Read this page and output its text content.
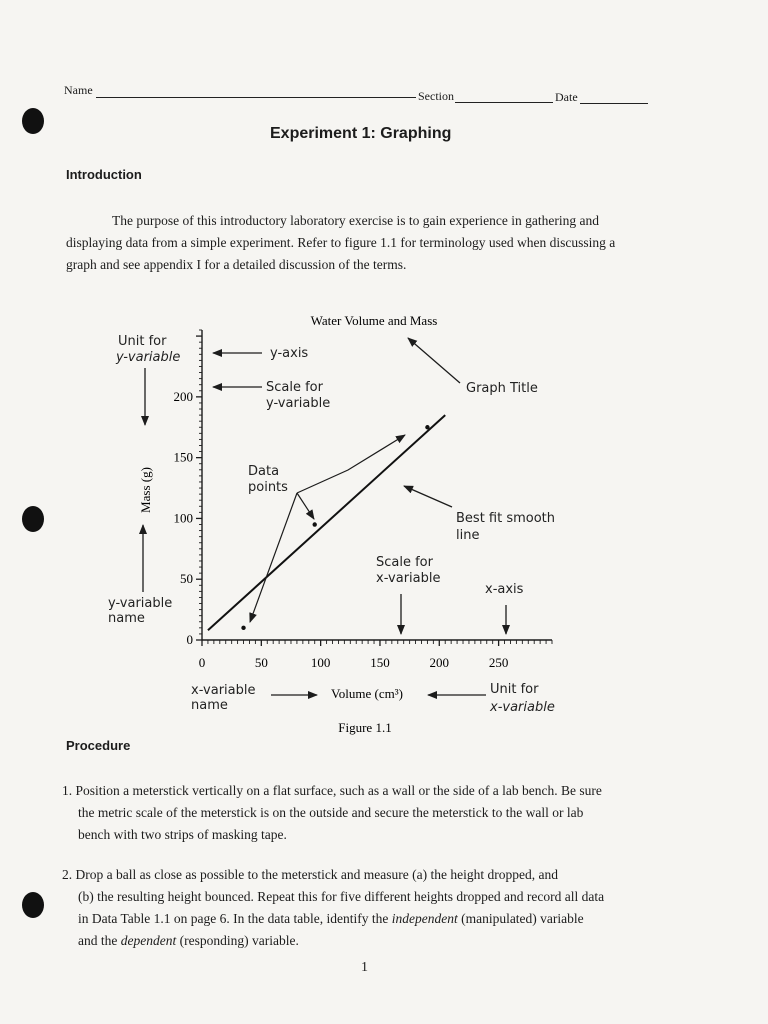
Name	Section	Date
Experiment 1: Graphing
Introduction
The purpose of this introductory laboratory exercise is to gain experience in gathering and
displaying data from a simple experiment. Refer to figure 1.1 for terminology used when discussing a
graph and see appendix I for a detailed discussion of the terms.
Water Volume and Mass
0
50
100
150
200
0	50	100	150	200	250
Mass (g)
Volume (cm³)
Unit for
y-variable	y-axis
Scale for
y-variable
Graph Title
Data
points
Best fit smooth
line
Scale for
x-variable
x-axis
y-variable
name
x-variable
name
Unit for
x-variable
Figure 1.1
Procedure
1. Position a meterstick vertically on a flat surface, such as a wall or the side of a lab bench. Be sure
the metric scale of the meterstick is on the outside and secure the meterstick to the wall or lab
bench with two strips of masking tape.
2. Drop a ball as close as possible to the meterstick and measure (a) the height dropped, and
(b) the resulting height bounced. Repeat this for five different heights dropped and record all data
in Data Table 1.1 on page 6. In the data table, identify the independent (manipulated) variable
and the dependent (responding) variable.
1
